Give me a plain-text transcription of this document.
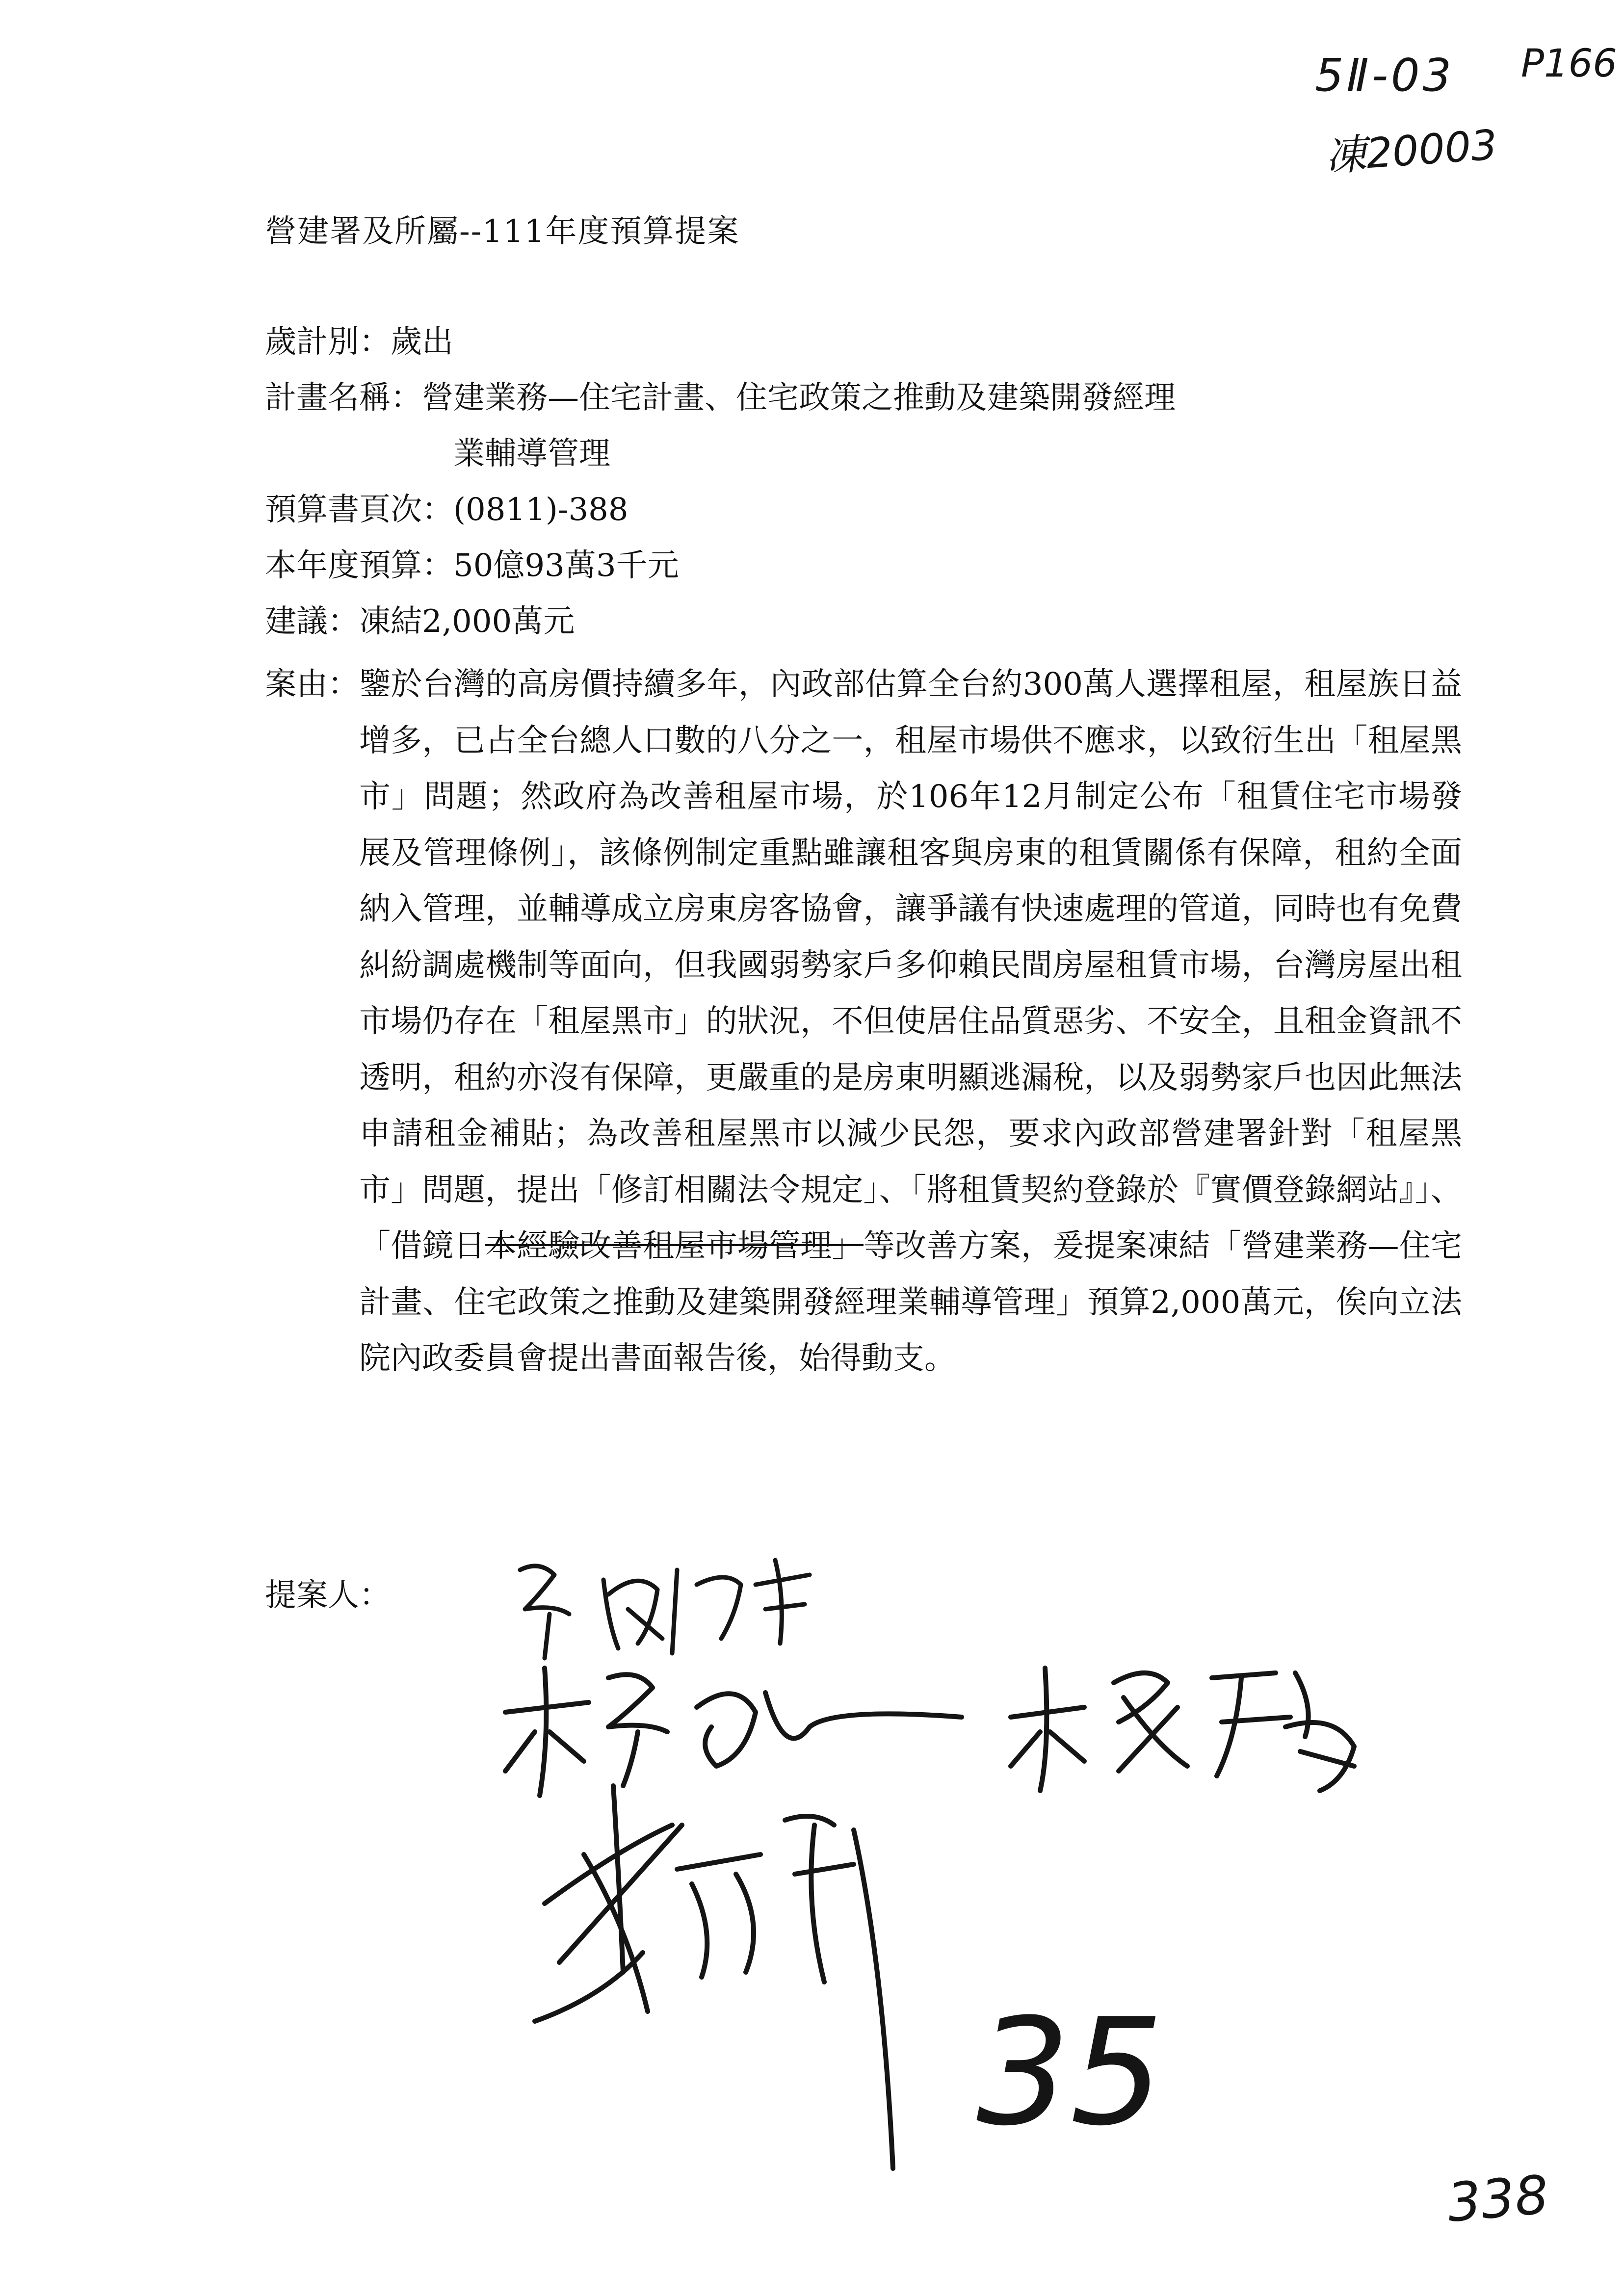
5Ⅱ-03 P166
凍20003
營建署及所屬--111年度預算提案
歲計別： 歲出
計畫名稱： 營建業務—住宅計畫、住宅政策之推動及建築開發經理
業輔導管理
預算書頁次： (0811)-388
本年度預算： 50億93萬3千元
建議： 凍結2,000萬元
案由： 鑒於台灣的高房價持續多年，內政部估算全台約300萬人選擇租屋，租屋族日益增多，已占全台總人口數的八分之一，租屋市場供不應求，以致衍生出「租屋黑市」問題；然政府為改善租屋市場，於106年12月制定公布「租賃住宅市場發展及管理條例」，該條例制定重點雖讓租客與房東的租賃關係有保障，租約全面納入管理，並輔導成立房東房客協會，讓爭議有快速處理的管道，同時也有免費糾紛調處機制等面向，但我國弱勢家戶多仰賴民間房屋租賃市場，台灣房屋出租市場仍存在「租屋黑市」的狀況，不但使居住品質惡劣、不安全，且租金資訊不透明，租約亦沒有保障，更嚴重的是房東明顯逃漏稅，以及弱勢家戶也因此無法申請租金補貼；為改善租屋黑市以減少民怨，要求內政部營建署針對「租屋黑市」問題，提出「修訂相關法令規定」、「將租賃契約登錄於『實價登錄網站』」、「借鏡日本經驗改善租屋市場管理」等改善方案，爰提案凍結「營建業務—住宅計畫、住宅政策之推動及建築開發經理業輔導管理」預算2,000萬元，俟向立法院內政委員會提出書面報告後，始得動支。
提案人：
35
338
